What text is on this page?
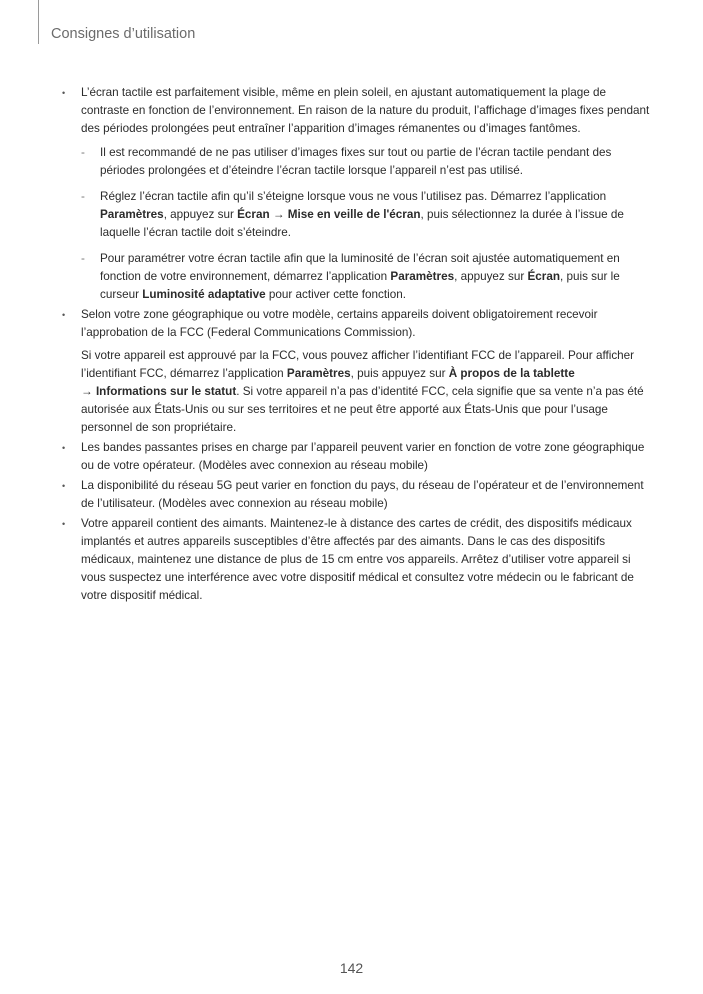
Consignes d’utilisation
• L’écran tactile est parfaitement visible, même en plein soleil, en ajustant automatiquement la plage de contraste en fonction de l’environnement. En raison de la nature du produit, l’affichage d’images fixes pendant des périodes prolongées peut entraîner l’apparition d’images rémanentes ou d’images fantômes.

- Il est recommandé de ne pas utiliser d’images fixes sur tout ou partie de l’écran tactile pendant des périodes prolongées et d’éteindre l’écran tactile lorsque l’appareil n’est pas utilisé.
- Réglez l’écran tactile afin qu’il s’éteigne lorsque vous ne vous l’utilisez pas. Démarrez l’application Paramètres, appuyez sur Écran → Mise en veille de l'écran, puis sélectionnez la durée à l’issue de laquelle l’écran tactile doit s’éteindre.
- Pour paramétrer votre écran tactile afin que la luminosité de l’écran soit ajustée automatiquement en fonction de votre environnement, démarrez l’application Paramètres, appuyez sur Écran, puis sur le curseur Luminosité adaptative pour activer cette fonction.
• Selon votre zone géographique ou votre modèle, certains appareils doivent obligatoirement recevoir l’approbation de la FCC (Federal Communications Commission).

Si votre appareil est approuvé par la FCC, vous pouvez afficher l’identifiant FCC de l’appareil. Pour afficher l’identifiant FCC, démarrez l’application Paramètres, puis appuyez sur À propos de la tablette
→ Informations sur le statut. Si votre appareil n’a pas d’identité FCC, cela signifie que sa vente n’a pas été autorisée aux États-Unis ou sur ses territoires et ne peut être apporté aux États-Unis que pour l’usage personnel de son propriétaire.

• Les bandes passantes prises en charge par l’appareil peuvent varier en fonction de votre zone géographique ou de votre opérateur. (Modèles avec connexion au réseau mobile)

• La disponibilité du réseau 5G peut varier en fonction du pays, du réseau de l’opérateur et de l’environnement de l’utilisateur. (Modèles avec connexion au réseau mobile)

• Votre appareil contient des aimants. Maintenez-le à distance des cartes de crédit, des dispositifs médicaux implantés et autres appareils susceptibles d’être affectés par des aimants. Dans le cas des dispositifs médicaux, maintenez une distance de plus de 15 cm entre vos appareils. Arrêtez d’utiliser votre appareil si vous suspectez une interférence avec votre dispositif médical et consultez votre médecin ou le fabricant de votre dispositif médical.

142
